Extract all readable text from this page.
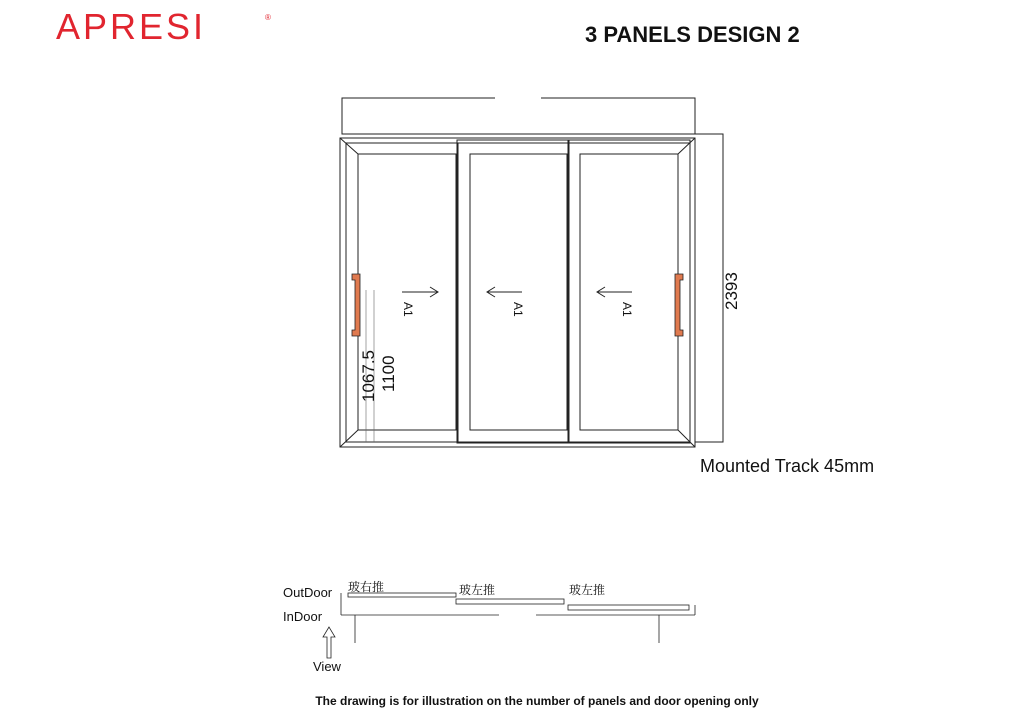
APRESI	®
3 PANELS DESIGN 2
2393
1067.5 1100
A1	A1	A1
玻右推	玻左推	玻左推
Mounted Track 45mm
OutDoor
InDoor
View
The drawing is for illustration on the number of panels and door opening only
